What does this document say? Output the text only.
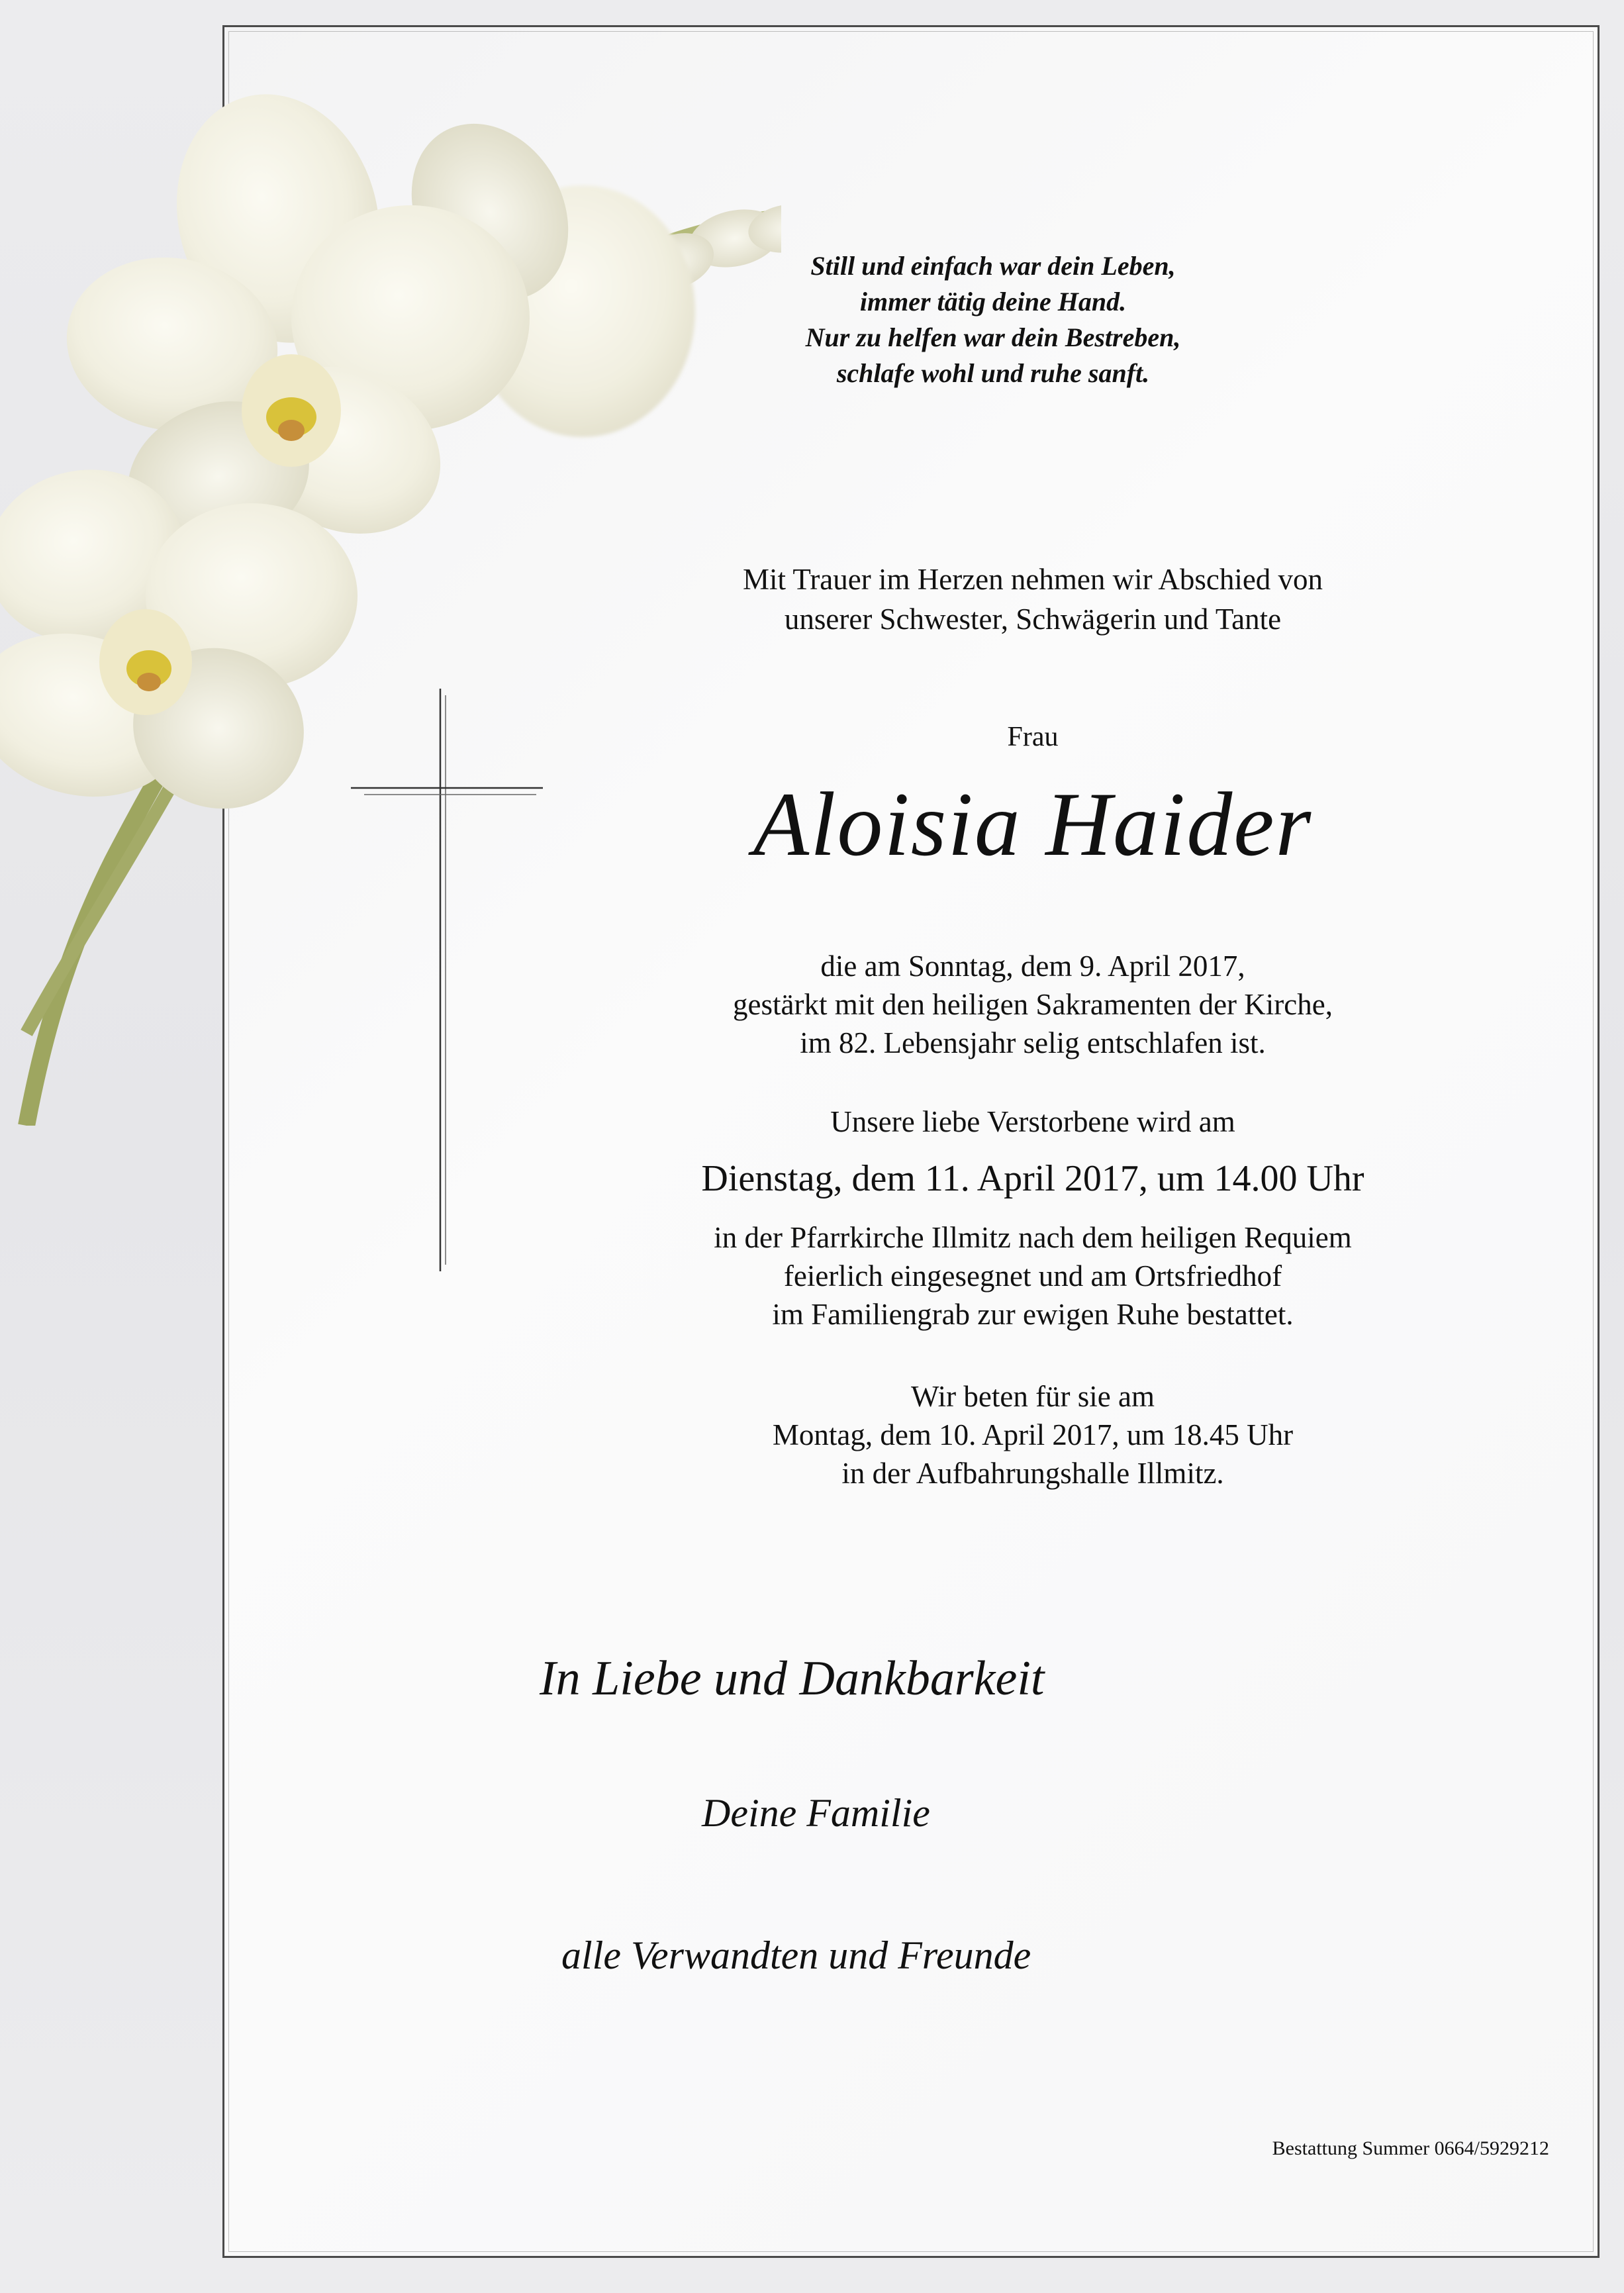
Still und einfach war dein Leben,
immer tätig deine Hand.
Nur zu helfen war dein Bestreben,
schlafe wohl und ruhe sanft.
Mit Trauer im Herzen nehmen wir Abschied von
unserer Schwester, Schwägerin und Tante
Frau
Aloisia Haider
die am Sonntag, dem 9. April 2017,
gestärkt mit den heiligen Sakramenten der Kirche,
im 82. Lebensjahr selig entschlafen ist.
Unsere liebe Verstorbene wird am
Dienstag, dem 11. April 2017, um 14.00 Uhr
in der Pfarrkirche Illmitz nach dem heiligen Requiem
feierlich eingesegnet und am Ortsfriedhof
im Familiengrab zur ewigen Ruhe bestattet.
Wir beten für sie am
Montag, dem 10. April 2017, um 18.45 Uhr
in der Aufbahrungshalle Illmitz.
In Liebe und Dankbarkeit
Deine Familie
alle Verwandten und Freunde
Bestattung Summer 0664/5929212
